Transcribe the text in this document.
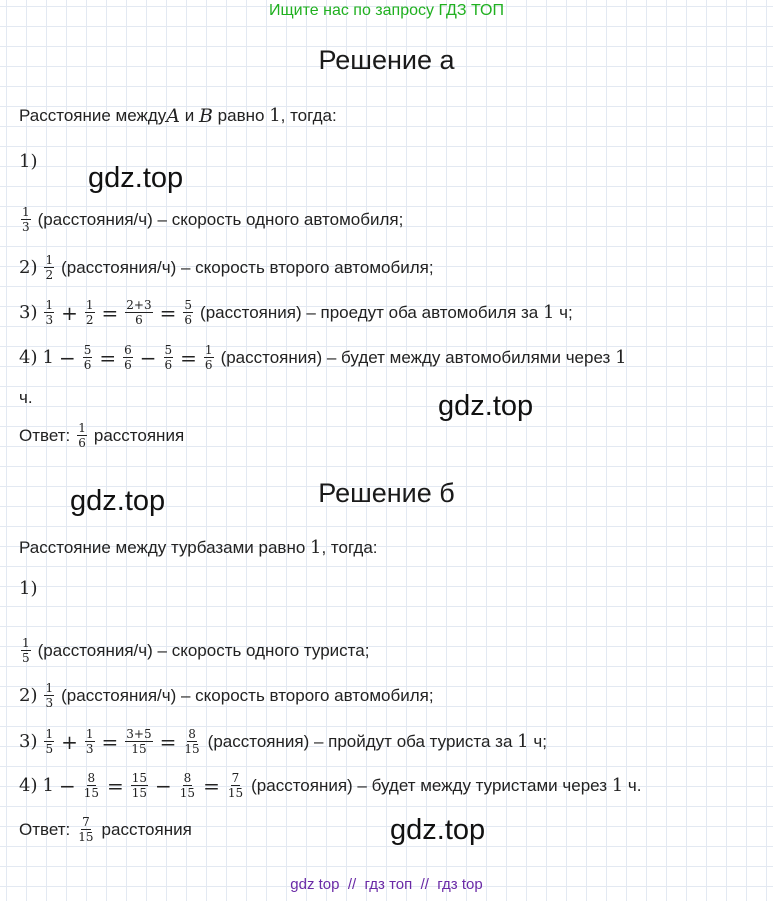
Ищите нас по запросу ГДЗ ТОП
Решение а
Расстояние между A и B равно 1 , тогда:
1)
gdz.top
$\frac{1}{3}$ (расстояния/ч) – скорость одного автомобиля;
$2) \frac{1}{2}$ (расстояния/ч) – скорость второго автомобиля;
$3) \frac{1}{3} + \frac{1}{2} = \frac{2+3}{6} = \frac{5}{6}$ (расстояния) – проедут оба автомобиля за 1 ч;
4) $1 - \frac{5}{6} = \frac{6}{6} - \frac{5}{6} = \frac{1}{6}$ (расстояния) – будет между автомобилями через 1
ч.	gdz.top
Ответ: $\frac{1}{6}$ расстояния
gdz.top	Решение б
Расстояние между турбазами равно 1 , тогда:
1)
$\frac{1}{5}$ (расстояния/ч) – скорость одного туриста;
$2) \frac{1}{3}$ (расстояния/ч) – скорость второго автомобиля;
$3) \frac{1}{5} + \frac{1}{3} = \frac{3+5}{15} = \frac{8}{15}$ (расстояния) – пройдут оба туриста за 1 ч;
4) $1 - \frac{8}{15} = \frac{15}{15} - \frac{8}{15} = \frac{7}{15}$ (расстояния) – будет между туристами через 1 ч.
Ответ: $\frac{7}{15}$ расстояния	gdz.top
gdz top  //  гдз топ  //  гдз top
